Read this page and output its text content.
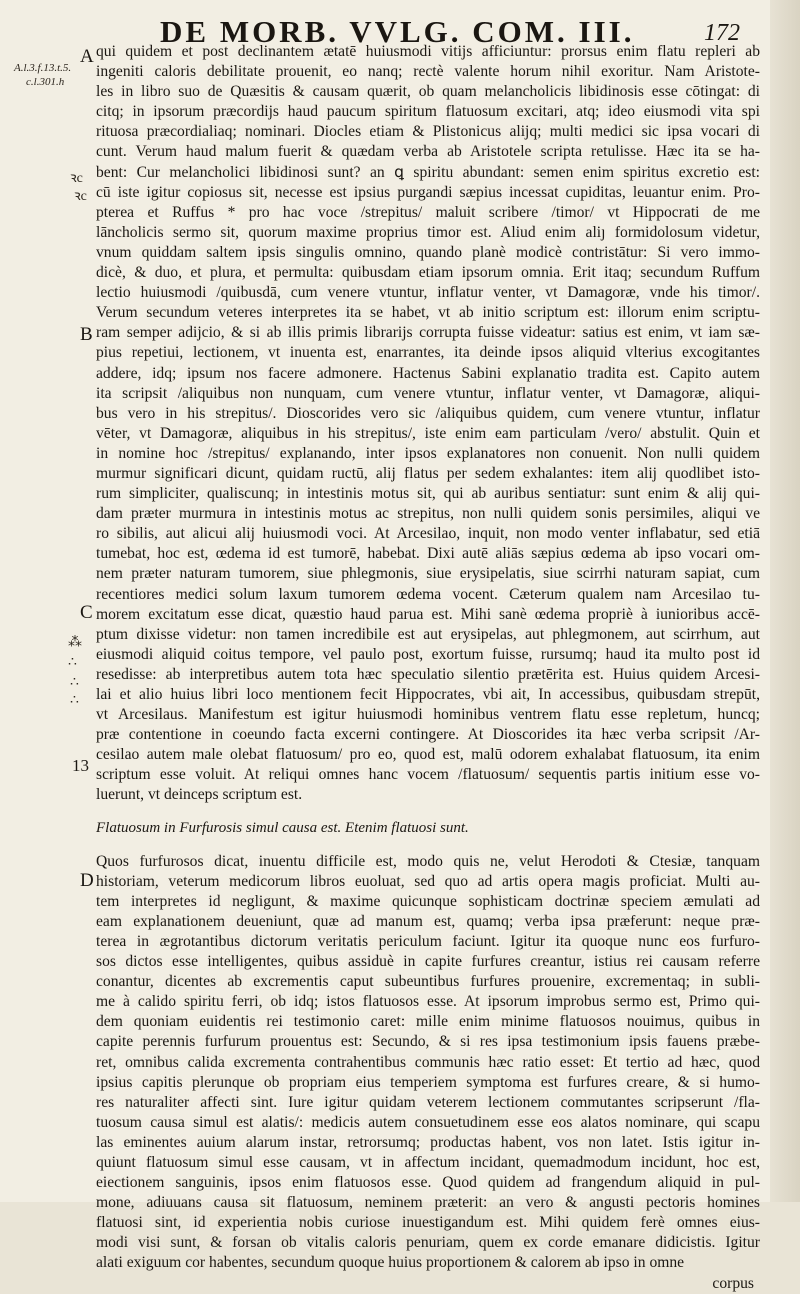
DE MORB. VVLG. COM. III.	172
A.l.3.f.13.t.5.
c.l.301.h
ꝛc
ꝛc
⁂
∴
∴
∴
A
B
C
D
13
qui quidem et post declinantem ætatē huiusmodi vitijs afficiuntur: prorsus enim flatu repleri ab
ingeniti caloris debilitate prouenit, eo nanq; rectè valente horum nihil exoritur. Nam Aristote-
les in libro suo de Quæsitis & causam quærit, ob quam melancholicis libidinosis esse cōtingat: di
citq; in ipsorum præcordijs haud paucum spiritum flatuosum excitari, atq; ideo eiusmodi vita spi
rituosa præcordialiaq; nominari. Diocles etiam & Plistonicus alijq; multi medici sic ipsa vocari di
cunt. Verum haud malum fuerit & quædam verba ab Aristotele scripta retulisse. Hæc ita se ha-
bent: Cur melancholici libidinosi sunt? an ꝗ spiritu abundant: semen enim spiritus excretio est:
cū iste igitur copiosus sit, necesse est ipsius purgandi sæpius incessat cupiditas, leuantur enim. Pro-
pterea et Ruffus * pro hac voce /strepitus/ maluit scribere /timor/ vt Hippocrati de me
lāncholicis sermo sit, quorum maxime proprius timor est. Aliud enim aliȷ formidolosum videtur,
vnum quiddam saltem ipsis singulis omnino, quando planè modicè contristātur: Si vero immo-
dicè, & duo, et plura, et permulta: quibusdam etiam ipsorum omnia. Erit itaq; secundum Ruffum
lectio huiusmodi /quibusdā, cum venere vtuntur, inflatur venter, vt Damagoræ, vnde his timor/.
Verum secundum veteres interpretes ita se habet, vt ab initio scriptum est: illorum enim scriptu-
ram semper adijcio, & si ab illis primis librarijs corrupta fuisse videatur: satius est enim, vt iam sæ-
pius repetiui, lectionem, vt inuenta est, enarrantes, ita deinde ipsos aliquid vlterius excogitantes
addere, idq; ipsum nos facere admonere. Hactenus Sabini explanatio tradita est. Capito autem
ita scripsit /aliquibus non nunquam, cum venere vtuntur, inflatur venter, vt Damagoræ, aliqui-
bus vero in his strepitus/. Dioscorides vero sic /aliquibus quidem, cum venere vtuntur, inflatur
vēter, vt Damagoræ, aliquibus in his strepitus/, iste enim eam particulam /vero/ abstulit. Quin et
in nomine hoc /strepitus/ explanando, inter ipsos explanatores non conuenit. Non nulli quidem
murmur significari dicunt, quidam ructū, alij flatus per sedem exhalantes: item alij quodlibet isto-
rum simpliciter, qualiscunq; in intestinis motus sit, qui ab auribus sentiatur: sunt enim & alij qui-
dam præter murmura in intestinis motus ac strepitus, non nulli quidem sonis persimiles, aliqui ve
ro sibilis, aut alicui alij huiusmodi voci. At Arcesilao, inquit, non modo venter inflabatur, sed etiā
tumebat, hoc est, œdema id est tumorē, habebat. Dixi autē aliās sæpius œdema ab ipso vocari om-
nem præter naturam tumorem, siue phlegmonis, siue erysipelatis, siue scirrhi naturam sapiat, cum
recentiores medici solum laxum tumorem œdema vocent. Cæterum qualem nam Arcesilao tu-
morem excitatum esse dicat, quæstio haud parua est. Mihi sanè œdema propriè à iunioribus accē-
ptum dixisse videtur: non tamen incredibile est aut erysipelas, aut phlegmonem, aut scirrhum, aut
eiusmodi aliquid coitus tempore, vel paulo post, exortum fuisse, rursumq; haud ita multo post id
resedisse: ab interpretibus autem tota hæc speculatio silentio prætērita est. Huius quidem Arcesi-
lai et alio huius libri loco mentionem fecit Hippocrates, vbi ait, In accessibus, quibusdam strepūt,
vt Arcesilaus. Manifestum est igitur huiusmodi hominibus ventrem flatu esse repletum, huncq;
præ contentione in coeundo facta excerni contingere. At Dioscorides ita hæc verba scripsit /Ar-
cesilao autem male olebat flatuosum/ pro eo, quod est, malū odorem exhalabat flatuosum, ita enim
scriptum esse voluit. At reliqui omnes hanc vocem /flatuosum/ sequentis partis initium esse vo-
luerunt, vt deinceps scriptum est.
Flatuosum in Furfurosis simul causa est. Etenim flatuosi sunt.
Quos furfurosos dicat, inuentu difficile est, modo quis ne, velut Herodoti & Ctesiæ, tanquam
historiam, veterum medicorum libros euoluat, sed quo ad artis opera magis proficiat. Multi au-
tem interpretes id negligunt, & maxime quicunque sophisticam doctrinæ speciem æmulati ad
eam explanationem deueniunt, quæ ad manum est, quamq; verba ipsa præferunt: neque præ-
terea in ægrotantibus dictorum veritatis periculum faciunt. Igitur ita quoque nunc eos furfuro-
sos dictos esse intelligentes, quibus assiduè in capite furfures creantur, istius rei causam referre
conantur, dicentes ab excrementis caput subeuntibus furfures prouenire, excrementaq; in subli-
me à calido spiritu ferri, ob idq; istos flatuosos esse. At ipsorum improbus sermo est, Primo qui-
dem quoniam euidentis rei testimonio caret: mille enim minime flatuosos nouimus, quibus in
capite perennis furfurum prouentus est: Secundo, & si res ipsa testimonium ipsis fauens præbe-
ret, omnibus calida excrementa contrahentibus communis hæc ratio esset: Et tertio ad hæc, quod
ipsius capitis plerunque ob propriam eius temperiem symptoma est furfures creare, & si humo-
res naturaliter affecti sint. Iure igitur quidam veterem lectionem commutantes scripserunt /fla-
tuosum causa simul est alatis/: medicis autem consuetudinem esse eos alatos nominare, qui scapu
las eminentes auium alarum instar, retrorsumq; productas habent, vos non latet. Istis igitur in-
quiunt flatuosum simul esse causam, vt in affectum incidant, quemadmodum incidunt, hoc est,
eiectionem sanguinis, ipsos enim flatuosos esse. Quod quidem ad frangendum aliquid in pul-
mone, adiuuans causa sit flatuosum, neminem præterit: an vero & angusti pectoris homines
flatuosi sint, id experientia nobis curiose inuestigandum est. Mihi quidem ferè omnes eius-
modi visi sunt, & forsan ob vitalis caloris penuriam, quem ex corde emanare didicistis. Igitur
alati exiguum cor habentes, secundum quoque huius proportionem & calorem ab ipso in omne
corpus
